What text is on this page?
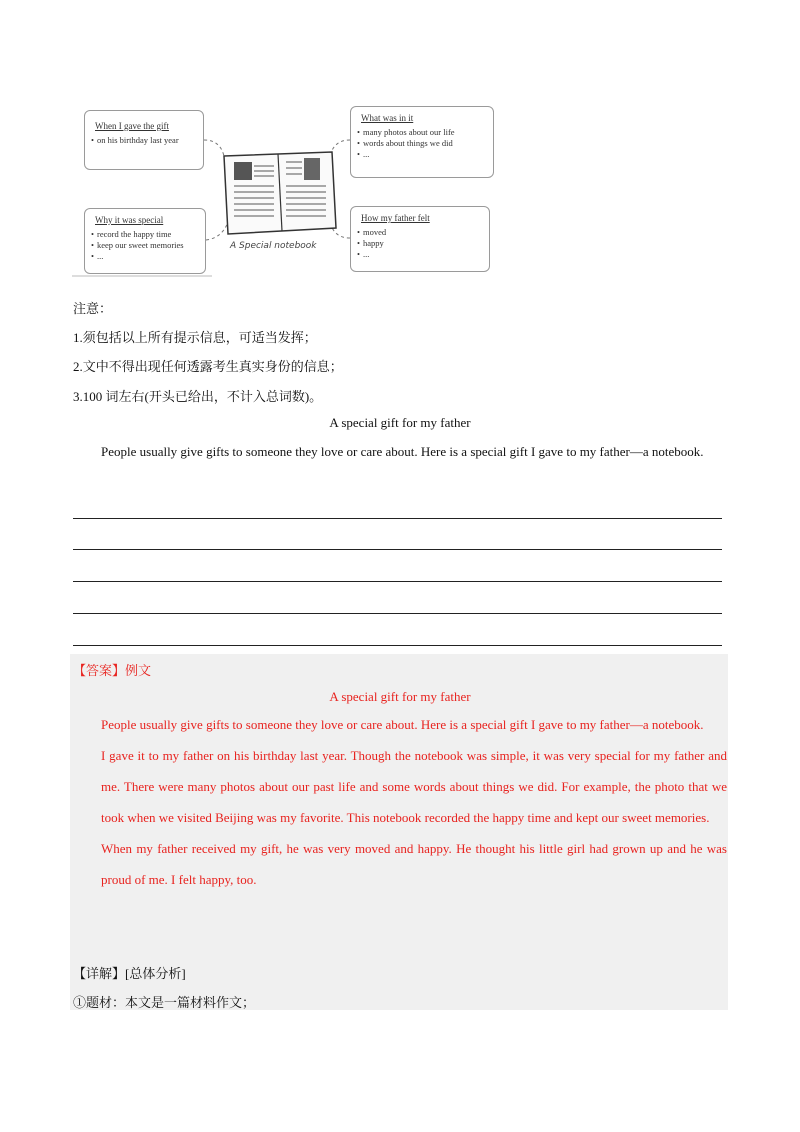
When I gave the gift
• on his birthday last year
Why it was special
• record the happy time
• keep our sweet memories
• ...
What was in it
• many photos about our life
• words about things we did
• ...
How my father felt
• moved
• happy
• ...
A Special notebook
注意：
1.须包括以上所有提示信息，可适当发挥；
2.文中不得出现任何透露考生真实身份的信息；
3.100 词左右(开头已给出，不计入总词数)。
A special gift for my father
People usually give gifts to someone they love or care about. Here is a special gift I gave to my father—a notebook.
【答案】例文
A special gift for my father
People usually give gifts to someone they love or care about. Here is a special gift I gave to my father—a notebook.
I gave it to my father on his birthday last year. Though the notebook was simple, it was very special for my father and me. There were many photos about our past life and some words about things we did. For example, the photo that we took when we visited Beijing was my favorite. This notebook recorded the happy time and kept our sweet memories.
When my father received my gift, he was very moved and happy. He thought his little girl had grown up and he was proud of me. I felt happy, too.
【详解】[总体分析]
①题材：本文是一篇材料作文；
